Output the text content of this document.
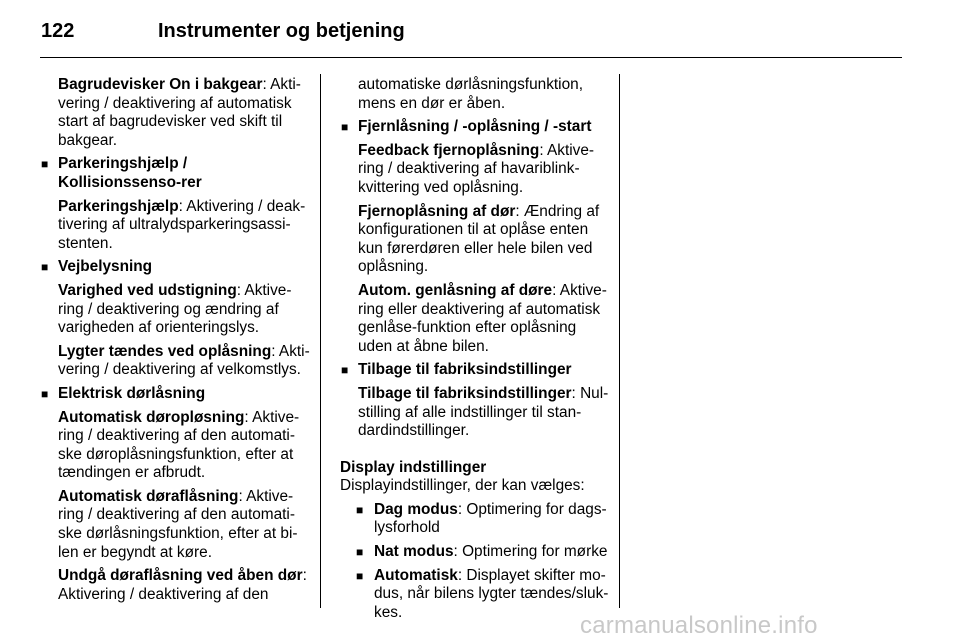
122	Instrumenter og betjening

Bagrudevisker On i bakgear: Akti-vering / deaktivering af automatisk start af bagrudevisker ved skift til bakgear.

■ Parkeringshjælp / Kollisionssenso-rer

Parkeringshjælp: Aktivering / deak-tivering af ultralydsparkeringsassi-stenten.

■ Vejbelysning

Varighed ved udstigning: Aktive-ring / deaktivering og ændring af varigheden af orienteringslys.

Lygter tændes ved oplåsning: Akti-vering / deaktivering af velkomstlys.

■ Elektrisk dørlåsning

Automatisk døropløsning: Aktive-ring / deaktivering af den automati-ske døroplåsningsfunktion, efter at tændingen er afbrudt.

Automatisk døraflåsning: Aktive-ring / deaktivering af den automati-ske dørlåsningsfunktion, efter at bi-len er begyndt at køre.

Undgå døraflåsning ved åben dør: Aktivering / deaktivering af den

automatiske dørlåsningsfunktion, mens en dør er åben.

■ Fjernlåsning / -oplåsning / -start

Feedback fjernoplåsning: Aktive-ring / deaktivering af havariblink-kvittering ved oplåsning.

Fjernoplåsning af dør: Ændring af konfigurationen til at oplåse enten kun førerdøren eller hele bilen ved oplåsning.

Autom. genlåsning af døre: Aktive-ring eller deaktivering af automatisk genlåse-funktion efter oplåsning uden at åbne bilen.

■ Tilbage til fabriksindstillinger

Tilbage til fabriksindstillinger: Nul-stilling af alle indstillinger til stan-dardindstillinger.

Display indstillinger

Displayindstillinger, der kan vælges:

■ Dag modus: Optimering for dags-lysforhold

■ Nat modus: Optimering for mørke

■ Automatisk: Displayet skifter mo-dus, når bilens lygter tændes/sluk-kes.	carmanualsonline.info
